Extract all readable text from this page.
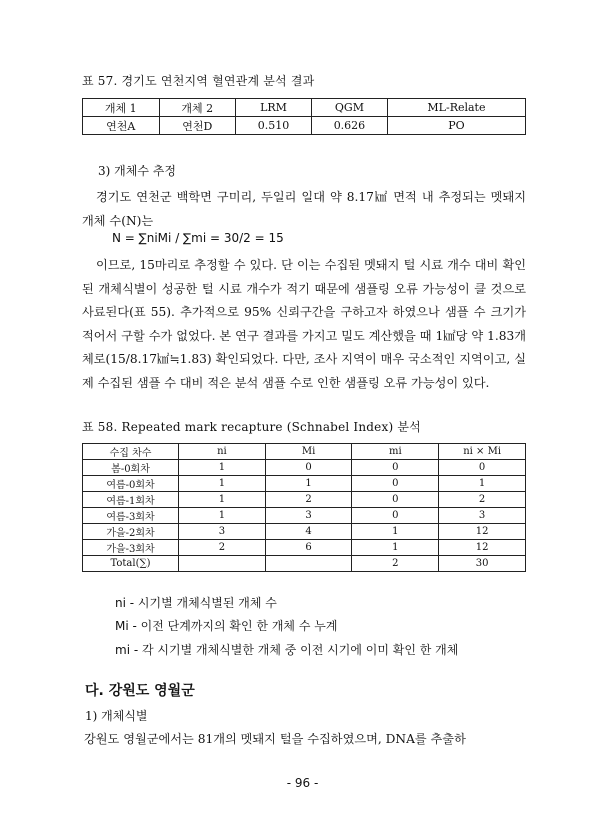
표 57. 경기도 연천지역 혈연관계 분석 결과
개체 1	개체 2	LRM	QGM	ML-Relate
연천A	연천D	0.510	0.626	PO
3) 개체수 추정
경기도 연천군 백학면 구미리, 두일리 일대 약 8.17㎢ 면적 내 추정되는 멧돼지 개체 수(N)는
N = ∑niMi / ∑mi = 30/2 = 15
이므로, 15마리로 추정할 수 있다. 단 이는 수집된 멧돼지 털 시료 개수 대비 확인된 개체식별이 성공한 털 시료 개수가 적기 때문에 샘플링 오류 가능성이 클 것으로 사료된다(표 55). 추가적으로 95% 신뢰구간을 구하고자 하였으나 샘플 수 크기가 적어서 구할 수가 없었다. 본 연구 결과를 가지고 밀도 계산했을 때 1㎢당 약 1.83개체로(15/8.17㎢≒1.83) 확인되었다. 다만, 조사 지역이 매우 국소적인 지역이고, 실제 수집된 샘플 수 대비 적은 분석 샘플 수로 인한 샘플링 오류 가능성이 있다.
표 58. Repeated mark recapture (Schnabel Index) 분석
수집 차수	ni	Mi	mi	ni × Mi
봄-0회차	1	0	0	0
여름-0회차	1	1	0	1
여름-1회차	1	2	0	2
여름-3회차	1	3	0	3
가을-2회차	3	4	1	12
가을-3회차	2	6	1	12
Total(∑)			2	30
ni - 시기별 개체식별된 개체 수
Mi - 이전 단계까지의 확인 한 개체 수 누계
mi - 각 시기별 개체식별한 개체 중 이전 시기에 이미 확인 한 개체
다. 강원도 영월군
1) 개체식별
강원도 영월군에서는 81개의 멧돼지 털을 수집하였으며, DNA를 추출하
- 96 -
